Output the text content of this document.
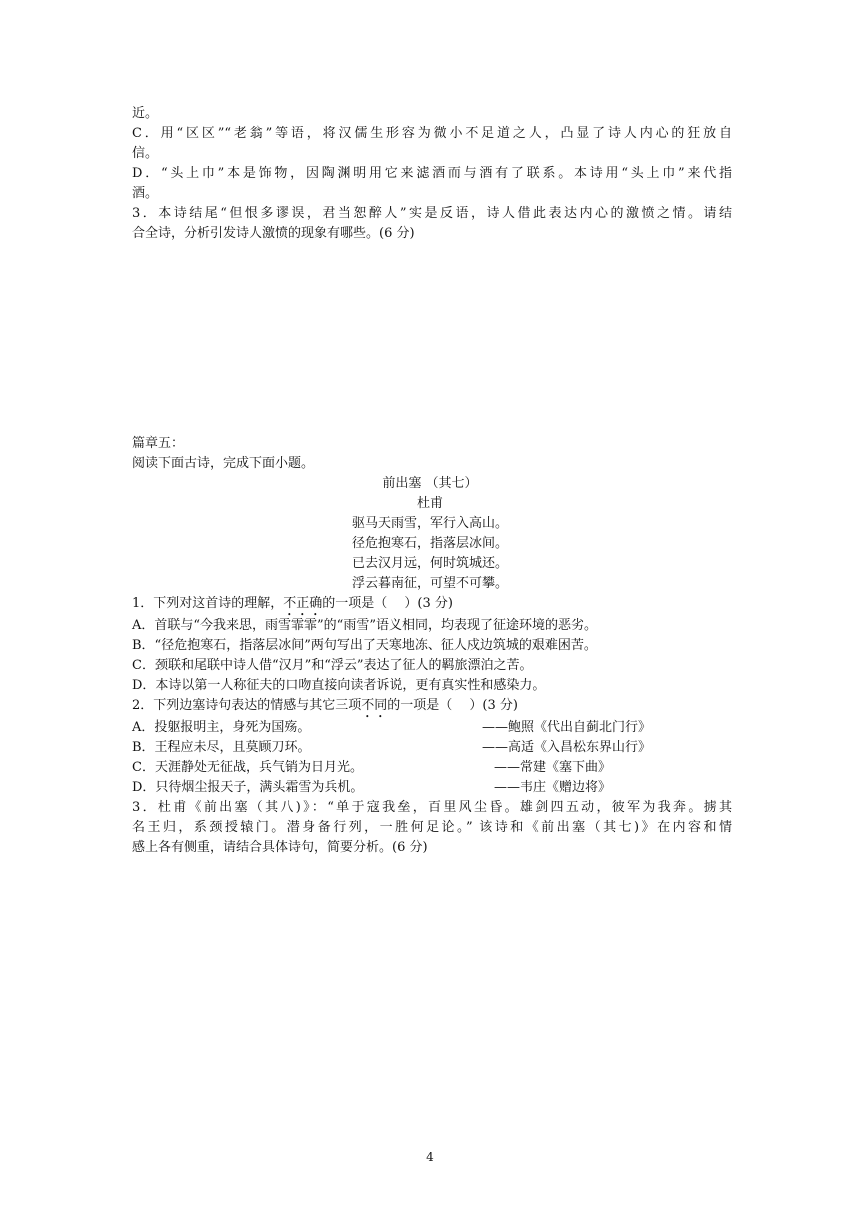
近。
C．用“区区”“老翁”等语，将汉儒生形容为微小不足道之人，凸显了诗人内心的狂放自
信。
D．“头上巾”本是饰物，因陶渊明用它来滤酒而与酒有了联系。本诗用“头上巾”来代指
酒。
3．本诗结尾“但恨多谬误，君当恕醉人”实是反语，诗人借此表达内心的激愤之情。请结
合全诗，分析引发诗人激愤的现象有哪些。(6 分)
篇章五：
阅读下面古诗，完成下面小题。
前出塞 （其七）
杜甫
驱马天雨雪，军行入高山。
径危抱寒石，指落层冰间。
已去汉月远，何时筑城还。
浮云暮南征，可望不可攀。
1．下列对这首诗的理解，不正确的一项是（　 ）(3 分)
A．首联与“今我来思，雨雪霏霏”的“雨雪”语义相同，均表现了征途环境的恶劣。
B．“径危抱寒石，指落层冰间”两句写出了天寒地冻、征人戍边筑城的艰难困苦。
C．颈联和尾联中诗人借“汉月”和“浮云”表达了征人的羁旅漂泊之苦。
D．本诗以第一人称征夫的口吻直接向读者诉说，更有真实性和感染力。
2．下列边塞诗句表达的情感与其它三项不同的一项是（　 ）(3 分)
A．投躯报明主，身死为国殇。	——鲍照《代出自蓟北门行》
B．王程应未尽，且莫顾刀环。	——高适《入昌松东界山行》
C．天涯静处无征战，兵气销为日月光。	——常建《塞下曲》
D．只待烟尘报天子，满头霜雪为兵机。	——韦庄《赠边将》
3．杜甫《前出塞（其八)》：“单于寇我垒，百里风尘昏。雄剑四五动，彼军为我奔。掳其
名王归，系颈授辕门。潜身备行列，一胜何足论。” 该诗和《前出塞（其七)》在内容和情
感上各有侧重，请结合具体诗句，简要分析。(6 分)
4
